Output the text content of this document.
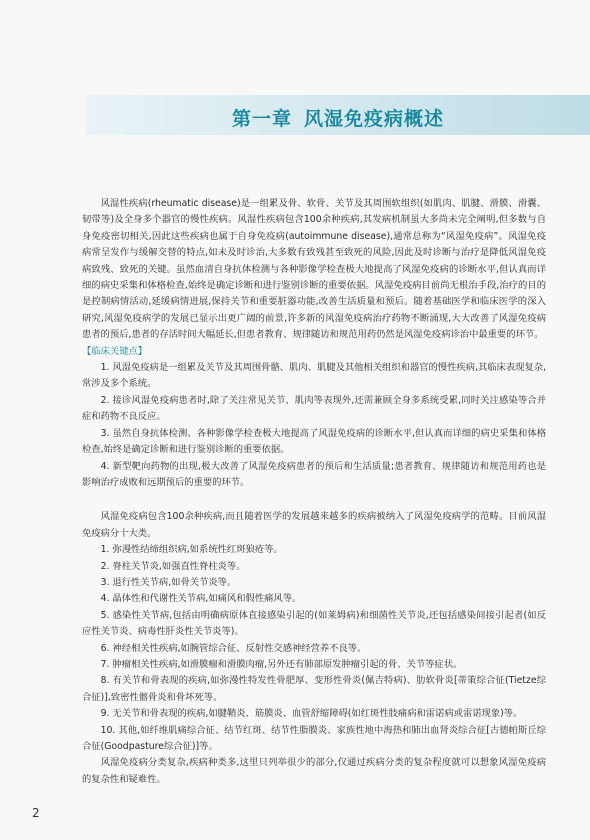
第一章 风湿免疫病概述

风湿性疾病(rheumatic disease)是一组累及骨、软骨、关节及其周围软组织(如肌肉、肌腱、滑膜、滑囊、韧带等)及全身多个器官的慢性疾病。风湿性疾病包含100余种疾病,其发病机制虽大多尚未完全阐明,但多数与自身免疫密切相关,因此这些疾病也属于自身免疫病(autoimmune disease),通常总称为“风湿免疫病”。风湿免疫病常呈发作与缓解交替的特点,如未及时诊治,大多数有致残甚至致死的风险,因此及时诊断与治疗是降低风湿免疫病致残、致死的关键。虽然血清自身抗体检测与各种影像学检查极大地提高了风湿免疫病的诊断水平,但认真而详细的病史采集和体格检查,始终是确定诊断和进行鉴别诊断的重要依据。风湿免疫病目前尚无根治手段,治疗的目的是控制病情活动,延缓病情进展,保持关节和重要脏器功能,改善生活质量和预后。随着基础医学和临床医学的深入研究,风湿免疫病学的发展已显示出更广阔的前景,许多新的风湿免疫病治疗药物不断涌现,大大改善了风湿免疫病患者的预后,患者的存活时间大幅延长,但患者教育、规律随访和规范用药仍然是风湿免疫病诊治中最重要的环节。

【临床关键点】

1. 风湿免疫病是一组累及关节及其周围骨骼、肌肉、肌腱及其他相关组织和器官的慢性疾病,其临床表现复杂,常涉及多个系统。

2. 接诊风湿免疫病患者时,除了关注常见关节、肌肉等表现外,还需兼顾全身多系统受累,同时关注感染等合并症和药物不良反应。

3. 虽然自身抗体检测、各种影像学检查极大地提高了风湿免疫病的诊断水平,但认真而详细的病史采集和体格检查,始终是确定诊断和进行鉴别诊断的重要依据。

4. 新型靶向药物的出现,极大改善了风湿免疫病患者的预后和生活质量;患者教育、规律随访和规范用药也是影响治疗成败和远期预后的重要的环节。

风湿免疫病包含100余种疾病,而且随着医学的发展越来越多的疾病被纳入了风湿免疫病学的范畴。目前风湿免疫病分十大类。

1. 弥漫性结缔组织病,如系统性红斑狼疮等。

2. 脊柱关节炎,如强直性脊柱炎等。

3. 退行性关节病,如骨关节炎等。

4. 晶体性和代谢性关节病,如痛风和假性痛风等。

5. 感染性关节病,包括由明确病原体直接感染引起的(如莱姆病)和细菌性关节炎,还包括感染间接引起者(如反应性关节炎、病毒性肝炎性关节炎等)。

6. 神经相关性疾病,如腕管综合征、反射性交感神经营养不良等。

7. 肿瘤相关性疾病,如滑膜瘤和滑膜肉瘤,另外还有肺部原发肿瘤引起的骨、关节等症状。

8. 有关节和骨表现的疾病,如弥漫性特发性骨肥厚、变形性骨炎(佩吉特病)、肋软骨炎[蒂策综合征(Tietze综合征)],致密性髂骨炎和骨坏死等。

9. 无关节和骨表现的疾病,如腱鞘炎、筋膜炎、血管舒缩障碍(如红斑性肢痛病和雷诺病或雷诺现象)等。

10. 其他,如纤维肌痛综合征、结节红斑、结节性脂膜炎、家族性地中海热和肺出血肾炎综合征[古德帕斯丘综合征(Goodpasture综合征)]等。

风湿免疫病分类复杂,疾病种类多,这里只列举很少的部分,仅通过疾病分类的复杂程度就可以想象风湿免疫病的复杂性和疑难性。

2
